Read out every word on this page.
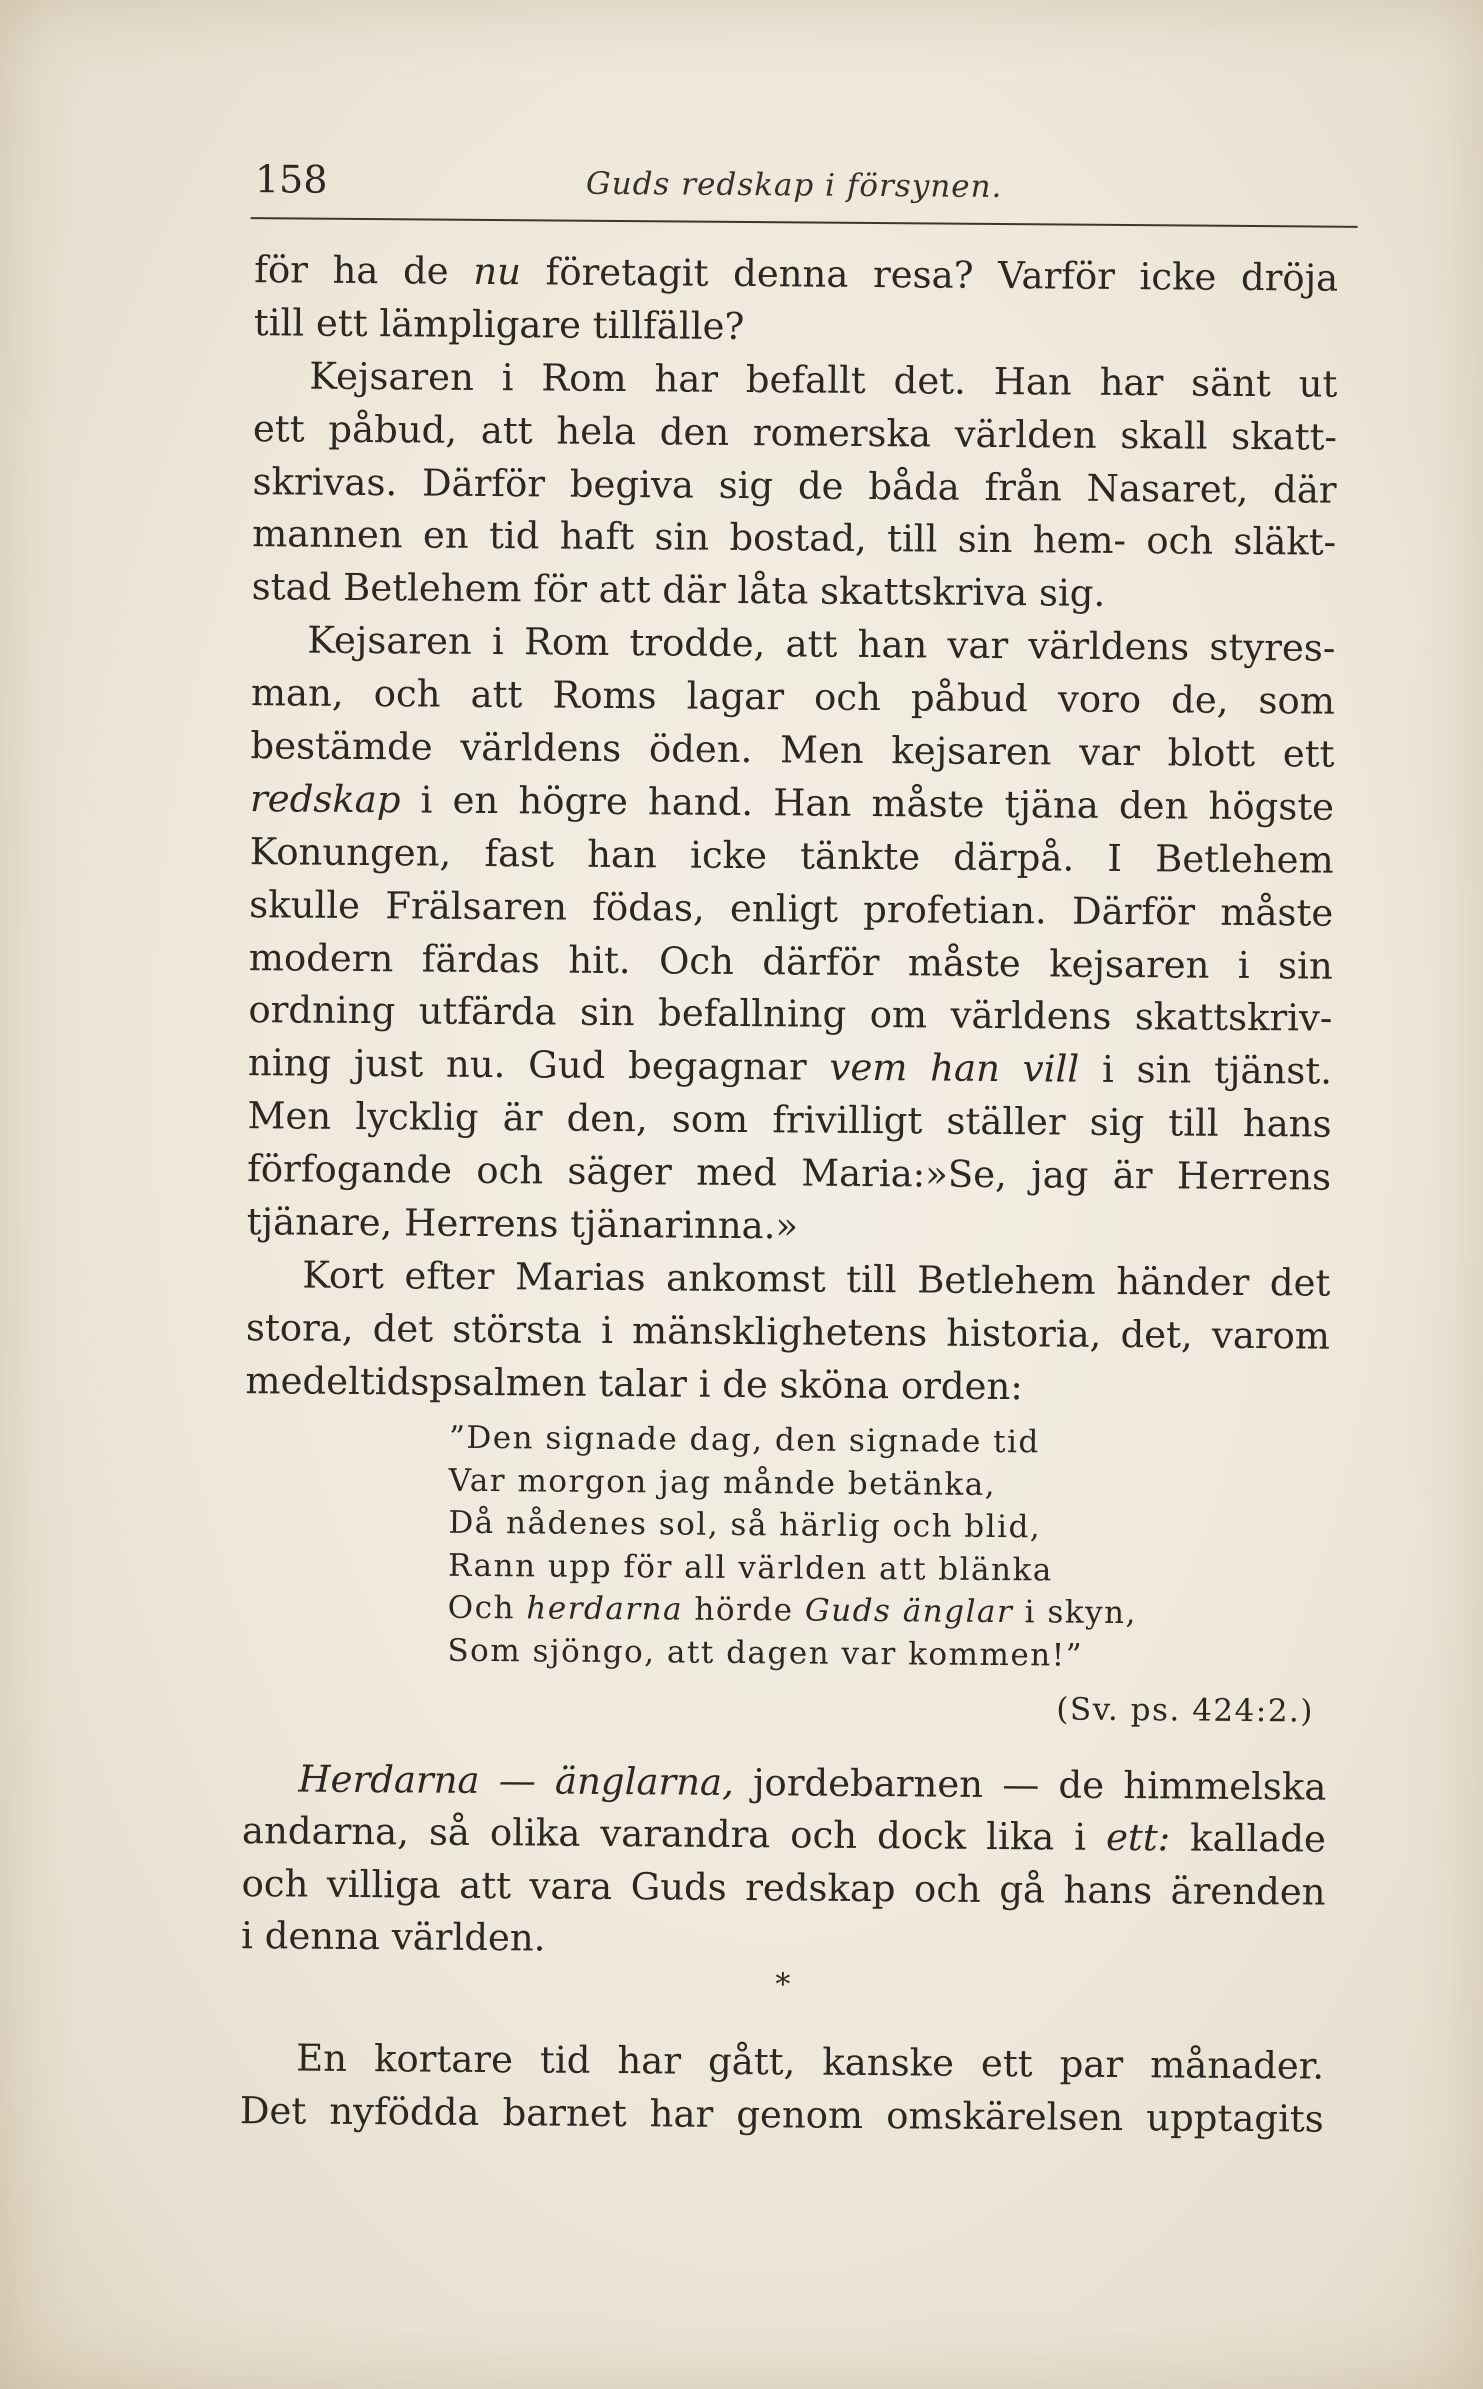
158	Guds redskap i försynen.
för ha de nu företagit denna resa? Varför icke dröja
till ett lämpligare tillfälle?
Kejsaren i Rom har befallt det. Han har sänt ut
ett påbud, att hela den romerska världen skall skatt-
skrivas. Därför begiva sig de båda från Nasaret, där
mannen en tid haft sin bostad, till sin hem- och släkt-
stad Betlehem för att där låta skattskriva sig.
Kejsaren i Rom trodde, att han var världens styres-
man, och att Roms lagar och påbud voro de, som
bestämde världens öden. Men kejsaren var blott ett
redskap i en högre hand. Han måste tjäna den högste
Konungen, fast han icke tänkte därpå. I Betlehem
skulle Frälsaren födas, enligt profetian. Därför måste
modern färdas hit. Och därför måste kejsaren i sin
ordning utfärda sin befallning om världens skattskriv-
ning just nu. Gud begagnar vem han vill i sin tjänst.
Men lycklig är den, som frivilligt ställer sig till hans
förfogande och säger med Maria:»Se, jag är Herrens
tjänare, Herrens tjänarinna.»
Kort efter Marias ankomst till Betlehem händer det
stora, det största i mänsklighetens historia, det, varom
medeltidspsalmen talar i de sköna orden:
”Den signade dag, den signade tid
Var morgon jag månde betänka,
Då nådenes sol, så härlig och blid,
Rann upp för all världen att blänka
Och herdarna hörde Guds änglar i skyn,
Som sjöngo, att dagen var kommen!”
(Sv. ps. 424:2.)
Herdarna — änglarna, jordebarnen — de himmelska
andarna, så olika varandra och dock lika i ett: kallade
och villiga att vara Guds redskap och gå hans ärenden
i denna världen.
*
En kortare tid har gått, kanske ett par månader.
Det nyfödda barnet har genom omskärelsen upptagits
